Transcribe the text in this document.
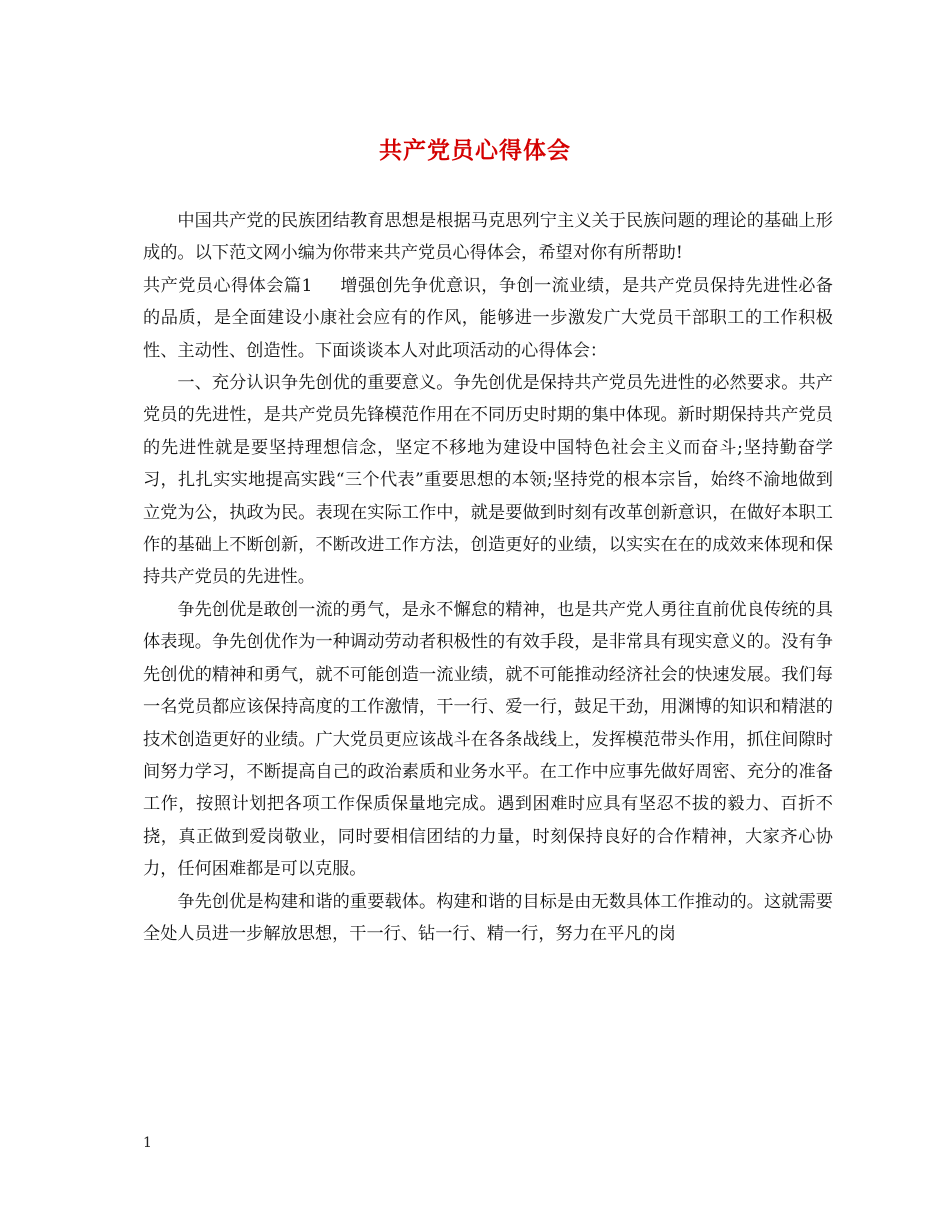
共产党员心得体会

中国共产党的民族团结教育思想是根据马克思列宁主义关于民族问题的理论的基础上形成的。以下范文网小编为你带来共产党员心得体会，希望对你有所帮助!

共产党员心得体会篇1 增强创先争优意识，争创一流业绩，是共产党员保持先进性必备的品质，是全面建设小康社会应有的作风，能够进一步激发广大党员干部职工的工作积极性、主动性、创造性。下面谈谈本人对此项活动的心得体会：

一、充分认识争先创优的重要意义。争先创优是保持共产党员先进性的必然要求。共产党员的先进性，是共产党员先锋模范作用在不同历史时期的集中体现。新时期保持共产党员的先进性就是要坚持理想信念，坚定不移地为建设中国特色社会主义而奋斗;坚持勤奋学习，扎扎实实地提高实践“三个代表”重要思想的本领;坚持党的根本宗旨，始终不渝地做到立党为公，执政为民。表现在实际工作中，就是要做到时刻有改革创新意识，在做好本职工作的基础上不断创新，不断改进工作方法，创造更好的业绩，以实实在在的成效来体现和保持共产党员的先进性。

争先创优是敢创一流的勇气，是永不懈怠的精神，也是共产党人勇往直前优良传统的具体表现。争先创优作为一种调动劳动者积极性的有效手段，是非常具有现实意义的。没有争先创优的精神和勇气，就不可能创造一流业绩，就不可能推动经济社会的快速发展。我们每一名党员都应该保持高度的工作激情，干一行、爱一行，鼓足干劲，用渊博的知识和精湛的技术创造更好的业绩。广大党员更应该战斗在各条战线上，发挥模范带头作用，抓住间隙时间努力学习，不断提高自己的政治素质和业务水平。在工作中应事先做好周密、充分的准备工作，按照计划把各项工作保质保量地完成。遇到困难时应具有坚忍不拔的毅力、百折不挠，真正做到爱岗敬业，同时要相信团结的力量，时刻保持良好的合作精神，大家齐心协力，任何困难都是可以克服。

争先创优是构建和谐的重要载体。构建和谐的目标是由无数具体工作推动的。这就需要全处人员进一步解放思想，干一行、钻一行、精一行，努力在平凡的岗

1
